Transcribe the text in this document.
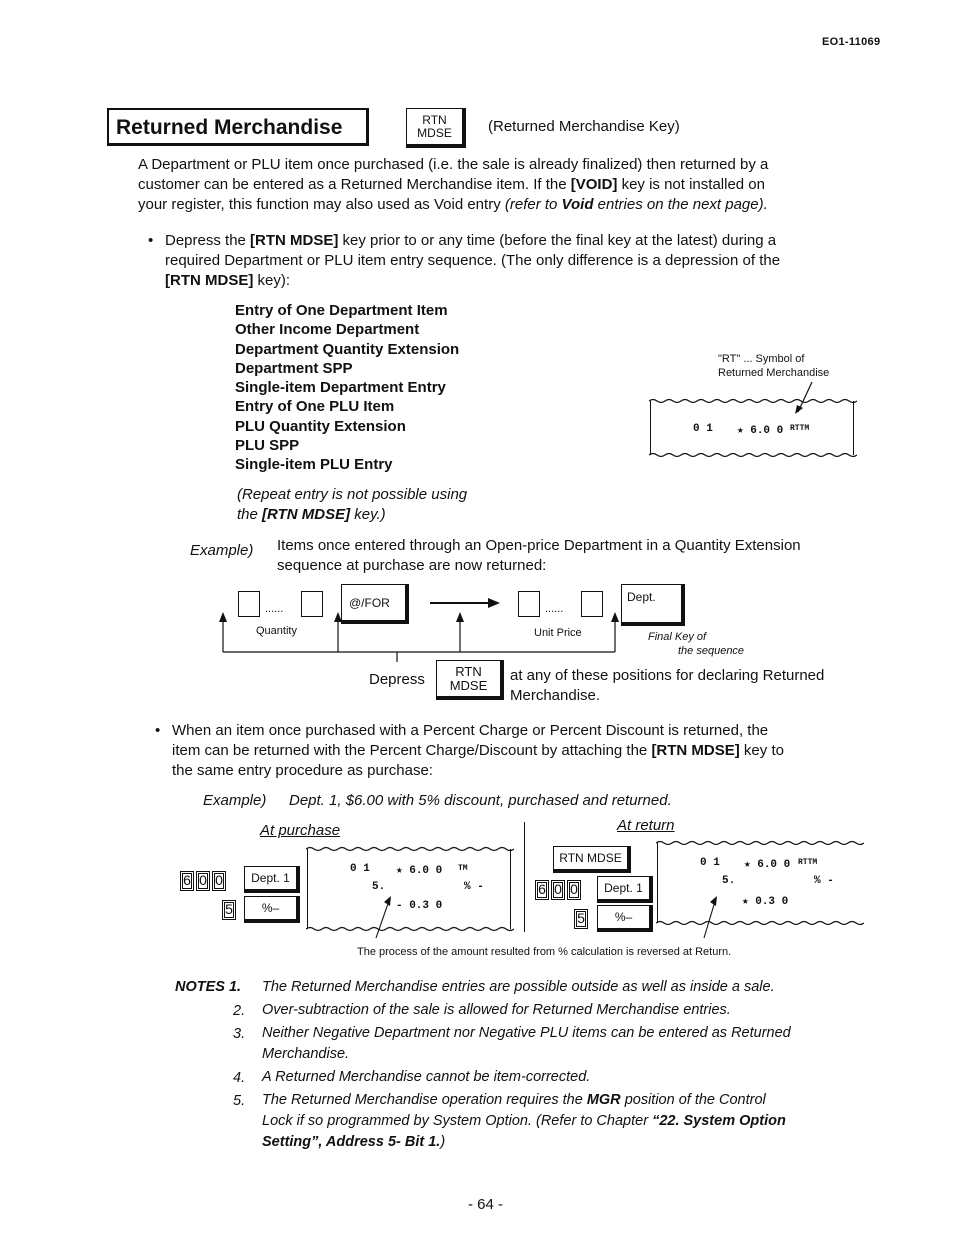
EO1-11069
Returned Merchandise	RTN
MDSE	(Returned Merchandise Key)
A Department or PLU item once purchased (i.e. the sale is already finalized) then returned by a
customer can be entered as a Returned Merchandise item. If the [VOID] key is not installed on
your register, this function may also used as Void entry (refer to Void entries on the next page).
• Depress the [RTN MDSE] key prior to or any time (before the final key at the latest) during a
required Department or PLU item entry sequence. (The only difference is a depression of the
[RTN MDSE] key):
Entry of One Department Item
Other Income Department
Department Quantity Extension
Department SPP
Single-item Department Entry
Entry of One PLU Item
PLU Quantity Extension
PLU SPP
Single-item PLU Entry
(Repeat entry is not possible using
the [RTN MDSE] key.)
"RT" ... Symbol of
Returned Merchandise
0 1 ★ 6.0 0 RTTM
Example) Items once entered through an Open-price Department in a Quantity Extension
sequence at purchase are now returned:
......	@/FOR	......
Dept.
Quantity	Unit Price	Final Key of
the sequence
Depress	RTN
MDSE
at any of these positions for declaring Returned
Merchandise.
• When an item once purchased with a Percent Charge or Percent Discount is returned, the
item can be returned with the Percent Charge/Discount by attaching the [RTN MDSE] key to
the same entry procedure as purchase:
Example) Dept. 1, $6.00 with 5% discount, purchased and returned.
At purchase	At return
6 0 0	Dept. 1
5	%–
0 1 ★ 6.0 0 TM
5.	% -
- 0.3 0
RTN MDSE
6 0 0	Dept. 1
5	%–
0 1 ★ 6.0 0 RTTM
5.	% -
★ 0.3 0
The process of the amount resulted from % calculation is reversed at Return.
NOTES 1. The Returned Merchandise entries are possible outside as well as inside a sale.
Over-subtraction of the sale is allowed for Returned Merchandise entries.
Neither Negative Department nor Negative PLU items can be entered as Returned
Merchandise.
A Returned Merchandise cannot be item-corrected.
The Returned Merchandise operation requires the MGR position of the Control
Lock if so programmed by System Option. (Refer to Chapter “22. System Option
Setting”, Address 5- Bit 1.)
2.
3.
4.
5.
- 64 -
